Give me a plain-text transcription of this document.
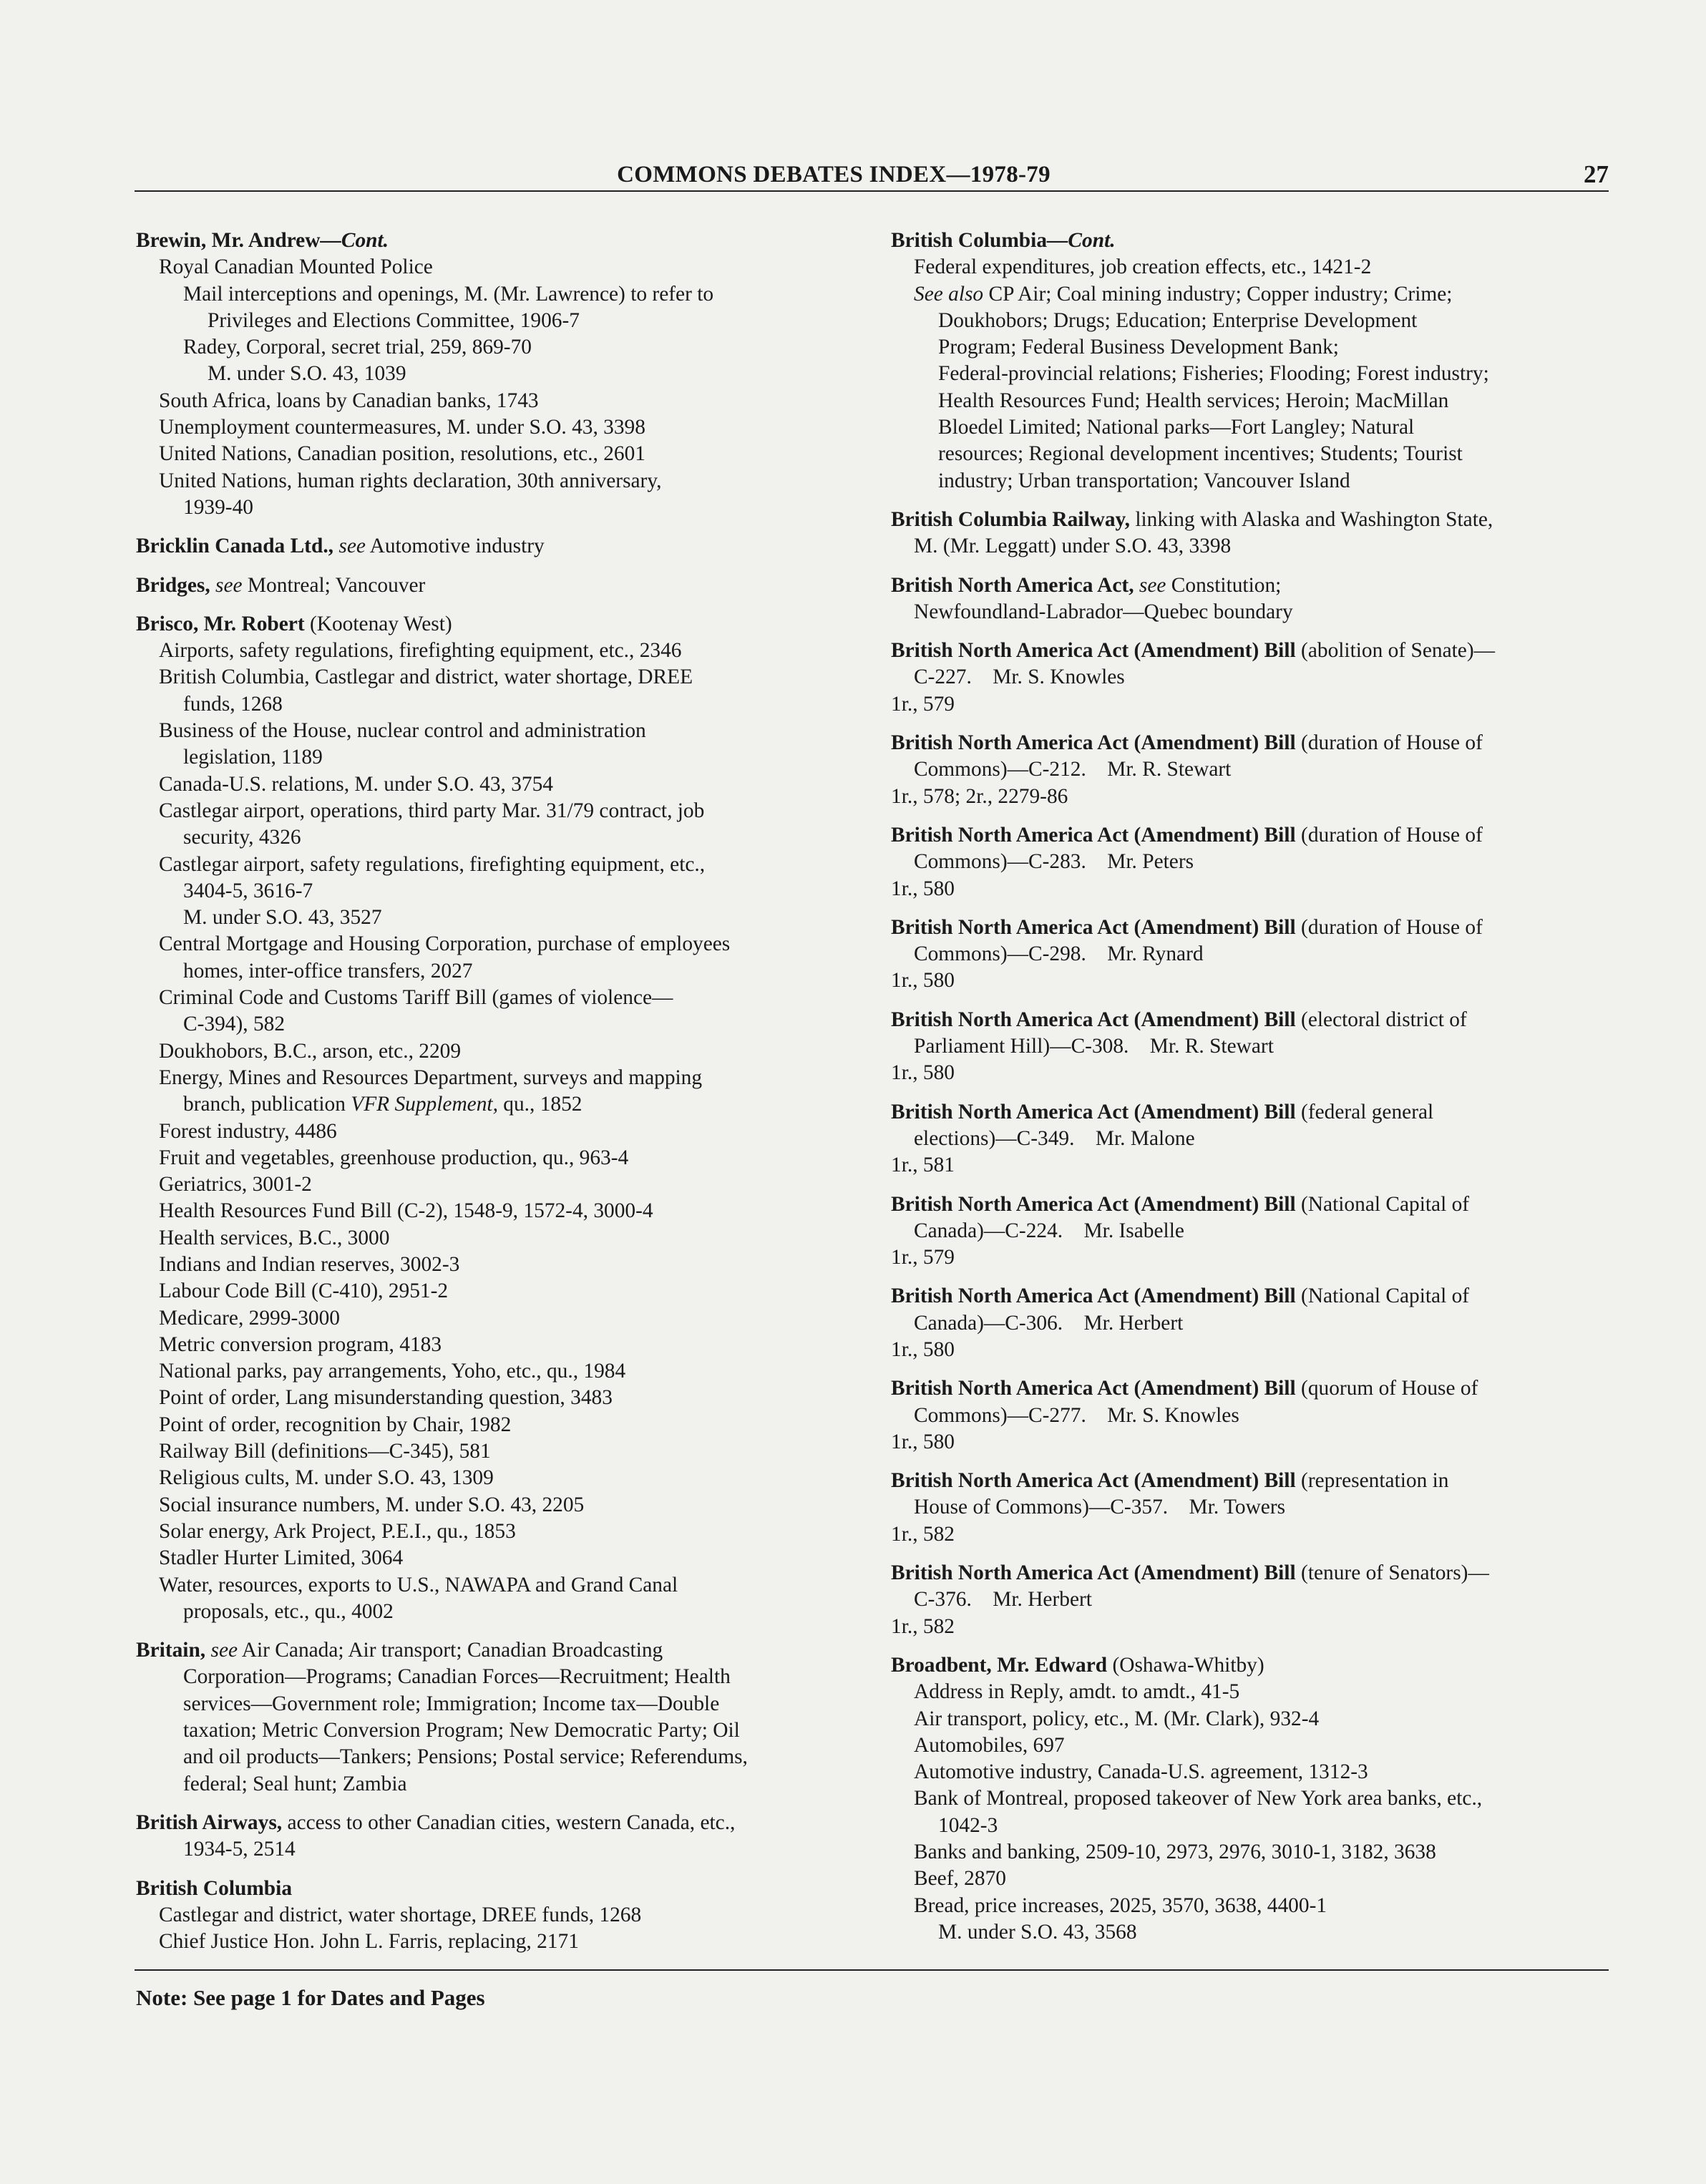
COMMONS DEBATES INDEX—1978-79	27
Brewin, Mr. Andrew—Cont.
Royal Canadian Mounted Police
Mail interceptions and openings, M. (Mr. Lawrence) to refer to
Privileges and Elections Committee, 1906-7
Radey, Corporal, secret trial, 259, 869-70
M. under S.O. 43, 1039
South Africa, loans by Canadian banks, 1743
Unemployment countermeasures, M. under S.O. 43, 3398
United Nations, Canadian position, resolutions, etc., 2601
United Nations, human rights declaration, 30th anniversary,
1939-40
Bricklin Canada Ltd., see Automotive industry
Bridges, see Montreal; Vancouver
Brisco, Mr. Robert (Kootenay West)
Airports, safety regulations, firefighting equipment, etc., 2346
British Columbia, Castlegar and district, water shortage, DREE
funds, 1268
Business of the House, nuclear control and administration
legislation, 1189
Canada-U.S. relations, M. under S.O. 43, 3754
Castlegar airport, operations, third party Mar. 31/79 contract, job
security, 4326
Castlegar airport, safety regulations, firefighting equipment, etc.,
3404-5, 3616-7
M. under S.O. 43, 3527
Central Mortgage and Housing Corporation, purchase of employees
homes, inter-office transfers, 2027
Criminal Code and Customs Tariff Bill (games of violence—
C-394), 582
Doukhobors, B.C., arson, etc., 2209
Energy, Mines and Resources Department, surveys and mapping
branch, publication VFR Supplement, qu., 1852
Forest industry, 4486
Fruit and vegetables, greenhouse production, qu., 963-4
Geriatrics, 3001-2
Health Resources Fund Bill (C-2), 1548-9, 1572-4, 3000-4
Health services, B.C., 3000
Indians and Indian reserves, 3002-3
Labour Code Bill (C-410), 2951-2
Medicare, 2999-3000
Metric conversion program, 4183
National parks, pay arrangements, Yoho, etc., qu., 1984
Point of order, Lang misunderstanding question, 3483
Point of order, recognition by Chair, 1982
Railway Bill (definitions—C-345), 581
Religious cults, M. under S.O. 43, 1309
Social insurance numbers, M. under S.O. 43, 2205
Solar energy, Ark Project, P.E.I., qu., 1853
Stadler Hurter Limited, 3064
Water, resources, exports to U.S., NAWAPA and Grand Canal
proposals, etc., qu., 4002
Britain, see Air Canada; Air transport; Canadian Broadcasting
Corporation—Programs; Canadian Forces—Recruitment; Health
services—Government role; Immigration; Income tax—Double
taxation; Metric Conversion Program; New Democratic Party; Oil
and oil products—Tankers; Pensions; Postal service; Referendums,
federal; Seal hunt; Zambia
British Airways, access to other Canadian cities, western Canada, etc.,
1934-5, 2514
British Columbia
Castlegar and district, water shortage, DREE funds, 1268
Chief Justice Hon. John L. Farris, replacing, 2171
British Columbia—Cont.
Federal expenditures, job creation effects, etc., 1421-2
See also CP Air; Coal mining industry; Copper industry; Crime;
Doukhobors; Drugs; Education; Enterprise Development
Program; Federal Business Development Bank;
Federal-provincial relations; Fisheries; Flooding; Forest industry;
Health Resources Fund; Health services; Heroin; MacMillan
Bloedel Limited; National parks—Fort Langley; Natural
resources; Regional development incentives; Students; Tourist
industry; Urban transportation; Vancouver Island
British Columbia Railway, linking with Alaska and Washington State,
M. (Mr. Leggatt) under S.O. 43, 3398
British North America Act, see Constitution;
Newfoundland-Labrador—Quebec boundary
British North America Act (Amendment) Bill (abolition of Senate)—
C-227. Mr. S. Knowles
1r., 579
British North America Act (Amendment) Bill (duration of House of
Commons)—C-212. Mr. R. Stewart
1r., 578; 2r., 2279-86
British North America Act (Amendment) Bill (duration of House of
Commons)—C-283. Mr. Peters
1r., 580
British North America Act (Amendment) Bill (duration of House of
Commons)—C-298. Mr. Rynard
1r., 580
British North America Act (Amendment) Bill (electoral district of
Parliament Hill)—C-308. Mr. R. Stewart
1r., 580
British North America Act (Amendment) Bill (federal general
elections)—C-349. Mr. Malone
1r., 581
British North America Act (Amendment) Bill (National Capital of
Canada)—C-224. Mr. Isabelle
1r., 579
British North America Act (Amendment) Bill (National Capital of
Canada)—C-306. Mr. Herbert
1r., 580
British North America Act (Amendment) Bill (quorum of House of
Commons)—C-277. Mr. S. Knowles
1r., 580
British North America Act (Amendment) Bill (representation in
House of Commons)—C-357. Mr. Towers
1r., 582
British North America Act (Amendment) Bill (tenure of Senators)—
C-376. Mr. Herbert
1r., 582
Broadbent, Mr. Edward (Oshawa-Whitby)
Address in Reply, amdt. to amdt., 41-5
Air transport, policy, etc., M. (Mr. Clark), 932-4
Automobiles, 697
Automotive industry, Canada-U.S. agreement, 1312-3
Bank of Montreal, proposed takeover of New York area banks, etc.,
1042-3
Banks and banking, 2509-10, 2973, 2976, 3010-1, 3182, 3638
Beef, 2870
Bread, price increases, 2025, 3570, 3638, 4400-1
M. under S.O. 43, 3568
Note: See page 1 for Dates and Pages
